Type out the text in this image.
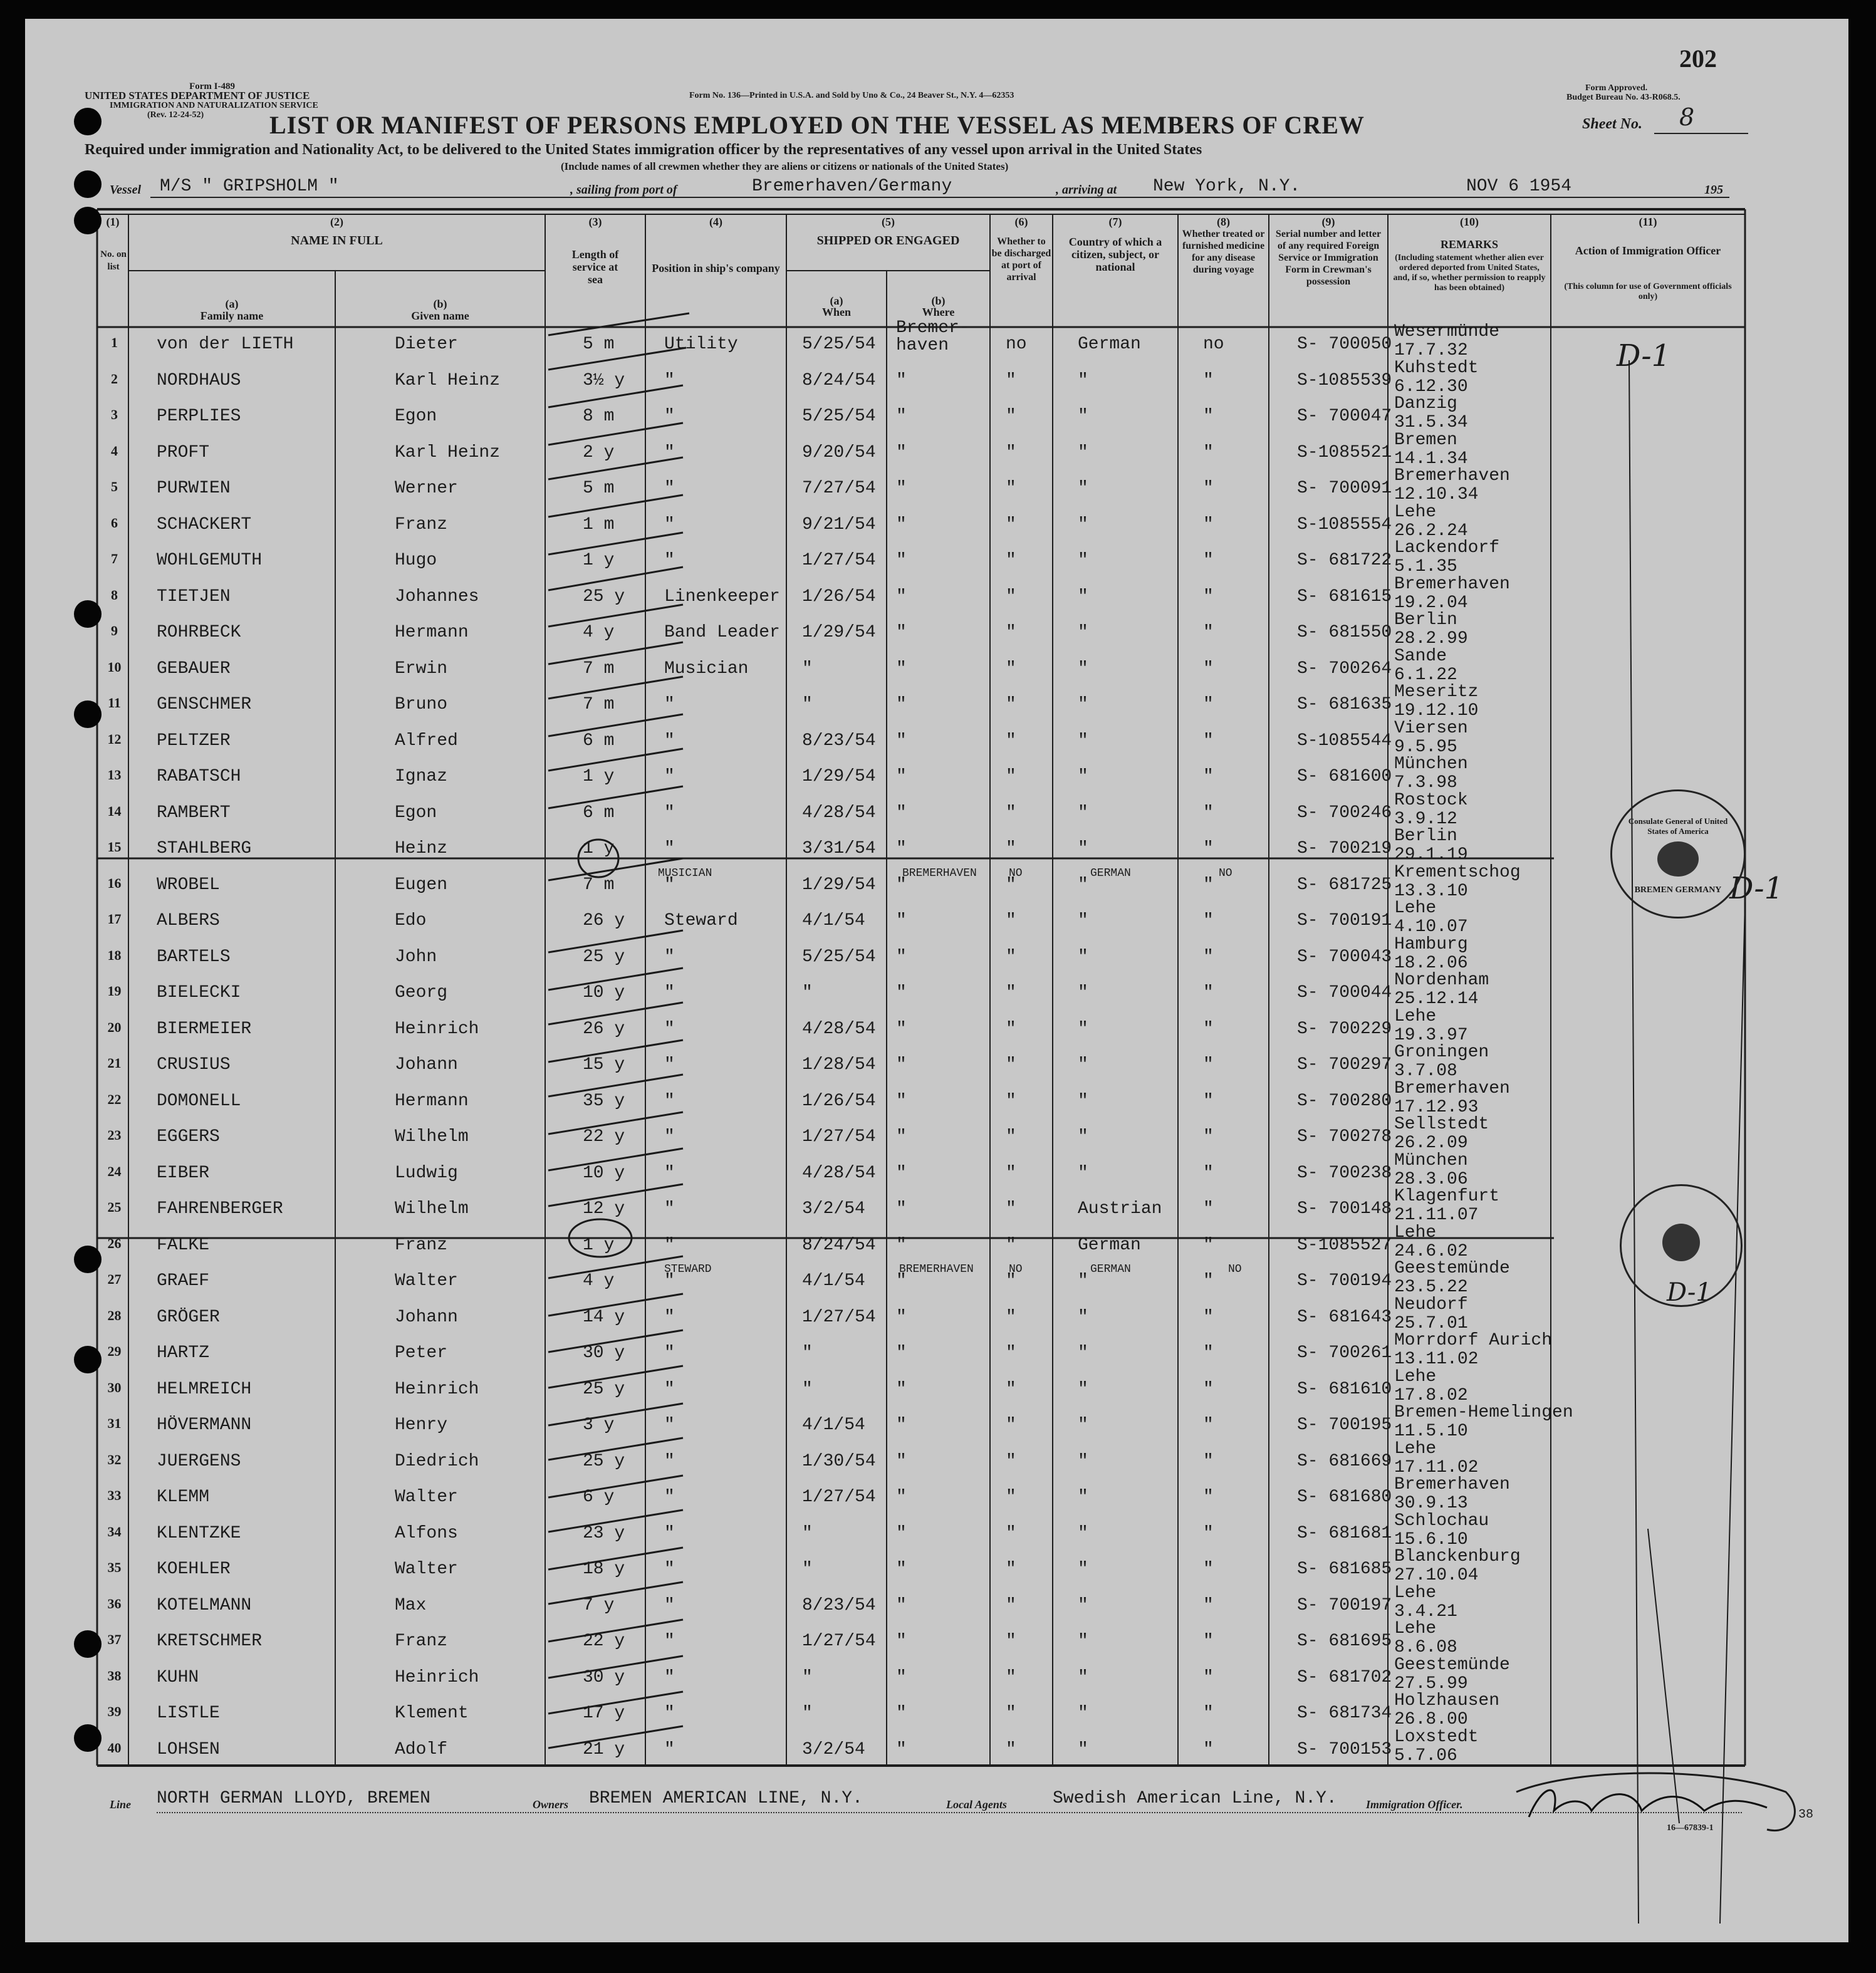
202
Form I-489
UNITED STATES DEPARTMENT OF JUSTICE
IMMIGRATION AND NATURALIZATION SERVICE
(Rev. 12-24-52)
Form No. 136—Printed in U.S.A. and Sold by Uno & Co., 24 Beaver St., N.Y. 4—62353
Form Approved.
Budget Bureau No. 43-R068.5.
LIST OR MANIFEST OF PERSONS EMPLOYED ON THE VESSEL AS MEMBERS OF CREW	Sheet No. 8
Required under immigration and Nationality Act, to be delivered to the United States immigration officer by the representatives of any vessel upon arrival in the United States
(Include names of all crewmen whether they are aliens or citizens or nationals of the United States)
Vessel M/S " GRIPSHOLM "	, sailing from port of	Bremerhaven/Germany	, arriving at New York, N.Y.	NOV 6 1954	195
(1)
No. on list
(2)
NAME IN FULL
(a)
Family name
(b)
Given name
(3)
Length of service at sea
(4)
Position in ship's company
(5)
SHIPPED OR ENGAGED
(a)
When
(b)
Where
(6)
Whether to be discharged at port of arrival
(7)
Country of which a citizen, subject, or national
(8)
Whether treated or furnished medicine for any disease during voyage
(9)
Serial number and letter of any required Foreign Service or Immigration Form in Crewman's possession
(10)
REMARKS
(Including statement whether alien ever ordered deported from United States, and, if so, whether permission to reapply has been obtained)
(11)
Action of Immigration Officer
(This column for use of Government officials only)
1	von der LIETH	Dieter	5 m	Utility	5/25/54
Bremer-
haven	no	German	no	S- 700050
Wesermünde
17.7.32
2	NORDHAUS	Karl Heinz	3½ y "	8/24/54 "	"	"	"	S-1085539
Kuhstedt
6.12.30
3	PERPLIES	Egon	8 m	"	5/25/54 "	"	"	"	S- 700047
Danzig
31.5.34
4	PROFT	Karl Heinz	2 y	"	9/20/54 "	"	"	"	S-1085521
Bremen
14.1.34
5	PURWIEN	Werner	5 m	"	7/27/54 "	"	"	"	S- 700091
Bremerhaven
12.10.34
6	SCHACKERT	Franz	1 m	"	9/21/54 "	"	"	"	S-1085554
Lehe
26.2.24
7	WOHLGEMUTH	Hugo	1 y	"	1/27/54 "	"	"	"	S- 681722
Lackendorf
5.1.35
8	TIETJEN	Johannes	25 y Linenkeeper 1/26/54 "	"	"	"	S- 681615
Bremerhaven
19.2.04
9	ROHRBECK	Hermann	4 y	Band Leader 1/29/54 "	"	"	"	S- 681550
Berlin
28.2.99
10	GEBAUER	Erwin	7 m	Musician	"	"	"	"	"	S- 700264
Sande
6.1.22
11	GENSCHMER	Bruno	7 m	"	"	"	"	"	"	S- 681635
Meseritz
19.12.10
12	PELTZER	Alfred	6 m	"	8/23/54 "	"	"	"	S-1085544
Viersen
9.5.95
13	RABATSCH	Ignaz	1 y	"	1/29/54 "	"	"	"	S- 681600
München
7.3.98
14	RAMBERT	Egon	6 m	"	4/28/54 "	"	"	"	S- 700246
Rostock
3.9.12
15	STAHLBERG	Heinz	1 y	"	3/31/54 "	"	"	"	S- 700219
Berlin
29.1.19
16	WROBEL	Eugen	7 m	"	1/29/54 "	"	"	"	S- 681725
Krementschog
13.3.10
17	ALBERS	Edo	26 y Steward	4/1/54 "	"	"	"	S- 700191
Lehe
4.10.07
18	BARTELS	John	25 y "	5/25/54 "	"	"	"	S- 700043
Hamburg
18.2.06
19	BIELECKI	Georg	10 y "	"	"	"	"	"	S- 700044
Nordenham
25.12.14
20	BIERMEIER	Heinrich	26 y "	4/28/54 "	"	"	"	S- 700229
Lehe
19.3.97
21	CRUSIUS	Johann	15 y "	1/28/54 "	"	"	"	S- 700297
Groningen
3.7.08
22	DOMONELL	Hermann	35 y "	1/26/54 "	"	"	"	S- 700280
Bremerhaven
17.12.93
23	EGGERS	Wilhelm	22 y "	1/27/54 "	"	"	"	S- 700278
Sellstedt
26.2.09
24	EIBER	Ludwig	10 y "	4/28/54 "	"	"	"	S- 700238
München
28.3.06
25	FAHRENBERGER	Wilhelm	12 y "	3/2/54 "	"	Austrian "	S- 700148
Klagenfurt
21.11.07
26	FALKE	Franz	1 y	"	8/24/54 "	"	German	"	S-1085527
Lehe
24.6.02
27	GRAEF	Walter	4 y	"	4/1/54 "	"	"	"	S- 700194
Geestemünde
23.5.22
28	GRÖGER	Johann	14 y "	1/27/54 "	"	"	"	S- 681643
Neudorf
25.7.01
29	HARTZ	Peter	30 y "	"	"	"	"	"	S- 700261
Morrdorf Aurich
13.11.02
30	HELMREICH	Heinrich	25 y "	"	"	"	"	"	S- 681610
Lehe
17.8.02
31	HÖVERMANN	Henry	3 y	"	4/1/54 "	"	"	"	S- 700195
Bremen-Hemelingen
11.5.10
32	JUERGENS	Diedrich	25 y "	1/30/54 "	"	"	"	S- 681669
Lehe
17.11.02
33	KLEMM	Walter	6 y	"	1/27/54 "	"	"	"	S- 681680
Bremerhaven
30.9.13
34	KLENTZKE	Alfons	23 y "	"	"	"	"	"	S- 681681
Schlochau
15.6.10
35	KOEHLER	Walter	18 y "	"	"	"	"	"	S- 681685
Blanckenburg
27.10.04
36	KOTELMANN	Max	7 y	"	8/23/54 "	"	"	"	S- 700197
Lehe
3.4.21
37	KRETSCHMER	Franz	22 y "	1/27/54 "	"	"	"	S- 681695
Lehe
8.6.08
38	KUHN	Heinrich	30 y "	"	"	"	"	"	S- 681702
Geestemünde
27.5.99
39	LISTLE	Klement	17 y "	"	"	"	"	"	S- 681734
Holzhausen
26.8.00
40	LOHSEN	Adolf	21 y "	3/2/54 "	"	"	"	S- 700153
Loxstedt
5.7.06
MUSICIAN	BREMERHAVEN	NO	GERMAN	NO
STEWARD	BREMERHAVEN	NO	GERMAN	NO
D-1
D-1
D-1
Consulate General of United States of America
BREMEN GERMANY
Line NORTH GERMAN LLOYD, BREMEN	Owners BREMEN AMERICAN LINE, N.Y.	Local Agents	Swedish American Line, N.Y.	Immigration Officer.
16—67839-1
38
